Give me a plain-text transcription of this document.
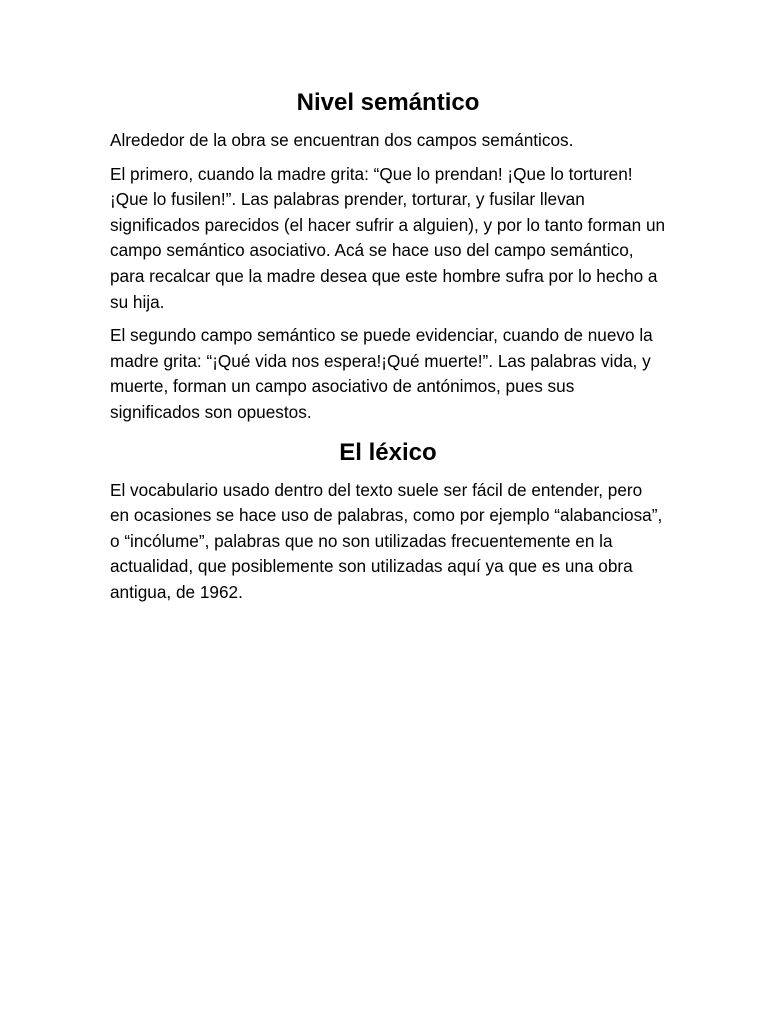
Nivel semántico

Alrededor de la obra se encuentran dos campos semánticos.

El primero, cuando la madre grita: “Que lo prendan! ¡Que lo torturen! ¡Que lo fusilen!”. Las palabras prender, torturar, y fusilar llevan significados parecidos (el hacer sufrir a alguien), y por lo tanto forman un campo semántico asociativo. Acá se hace uso del campo semántico, para recalcar que la madre desea que este hombre sufra por lo hecho a su hija.

El segundo campo semántico se puede evidenciar, cuando de nuevo la madre grita: “¡Qué vida nos espera!¡Qué muerte!”. Las palabras vida, y muerte, forman un campo asociativo de antónimos, pues sus significados son opuestos.

El léxico

El vocabulario usado dentro del texto suele ser fácil de entender, pero en ocasiones se hace uso de palabras, como por ejemplo “alabanciosa”, o “incólume”, palabras que no son utilizadas frecuentemente en la actualidad, que posiblemente son utilizadas aquí ya que es una obra antigua, de 1962.
